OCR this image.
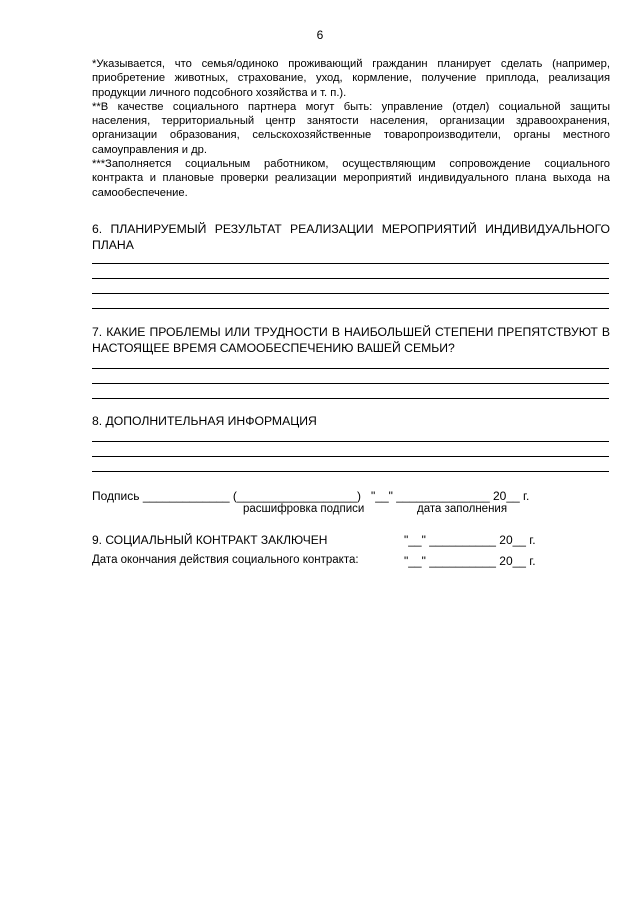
6

*Указывается, что семья/одиноко проживающий гражданин планирует сделать (например, приобретение животных, страхование, уход, кормление, получение приплода, реализация продукции личного подсобного хозяйства и т. п.).

**В качестве социального партнера могут быть: управление (отдел) социальной защиты населения, территориальный центр занятости населения, организации здравоохранения, организации образования, сельскохозяйственные товаропроизводители, органы местного самоуправления и др.

***Заполняется социальным работником, осуществляющим сопровождение социального контракта и плановые проверки реализации мероприятий индивидуального плана выхода на самообеспечение.

6. ПЛАНИРУЕМЫЙ РЕЗУЛЬТАТ РЕАЛИЗАЦИИ МЕРОПРИЯТИЙ ИНДИВИДУАЛЬНОГО ПЛАНА
7. КАКИЕ ПРОБЛЕМЫ ИЛИ ТРУДНОСТИ В НАИБОЛЬШЕЙ СТЕПЕНИ ПРЕПЯТСТВУЮТ В НАСТОЯЩЕЕ ВРЕМЯ САМООБЕСПЕЧЕНИЮ ВАШЕЙ СЕМЬИ?
8. ДОПОЛНИТЕЛЬНАЯ ИНФОРМАЦИЯ
Подпись _____________ (__________________)   "__" ______________ 20__ г.
расшифровка подписи	дата заполнения
9. СОЦИАЛЬНЫЙ КОНТРАКТ ЗАКЛЮЧЕН	"__" __________ 20__ г.
Дата окончания действия социального контракта:	"__" __________ 20__ г.
